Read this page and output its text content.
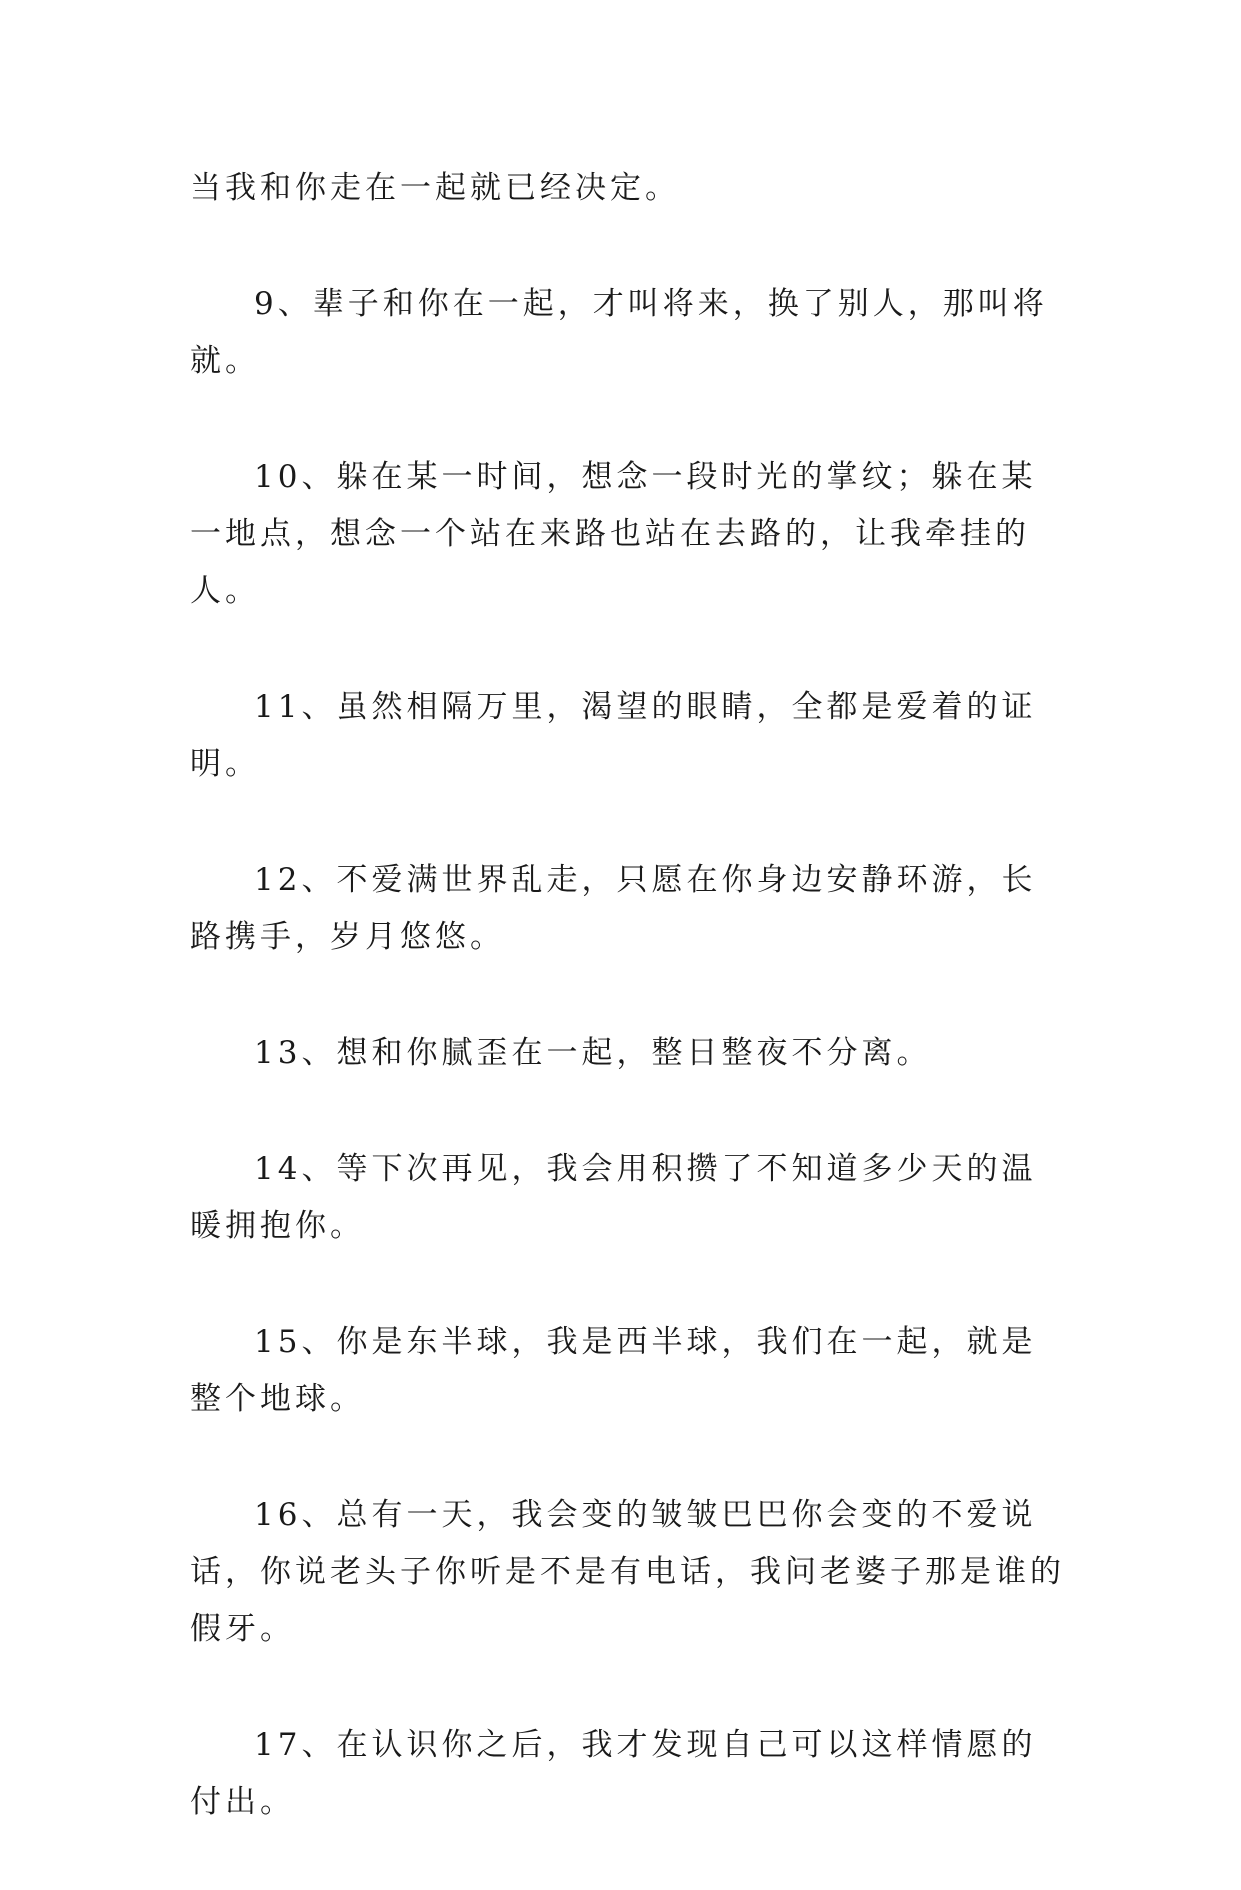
当我和你走在一起就已经决定。

9、辈子和你在一起，才叫将来，换了别人，那叫将就。

10、躲在某一时间，想念一段时光的掌纹；躲在某一地点，想念一个站在来路也站在去路的，让我牵挂的人。

11、虽然相隔万里，渴望的眼睛，全都是爱着的证明。

12、不爱满世界乱走，只愿在你身边安静环游，长路携手，岁月悠悠。

13、想和你腻歪在一起，整日整夜不分离。

14、等下次再见，我会用积攒了不知道多少天的温暖拥抱你。

15、你是东半球，我是西半球，我们在一起，就是整个地球。

16、总有一天，我会变的皱皱巴巴你会变的不爱说话，你说老头子你听是不是有电话，我问老婆子那是谁的假牙。

17、在认识你之后，我才发现自己可以这样情愿的付出。
